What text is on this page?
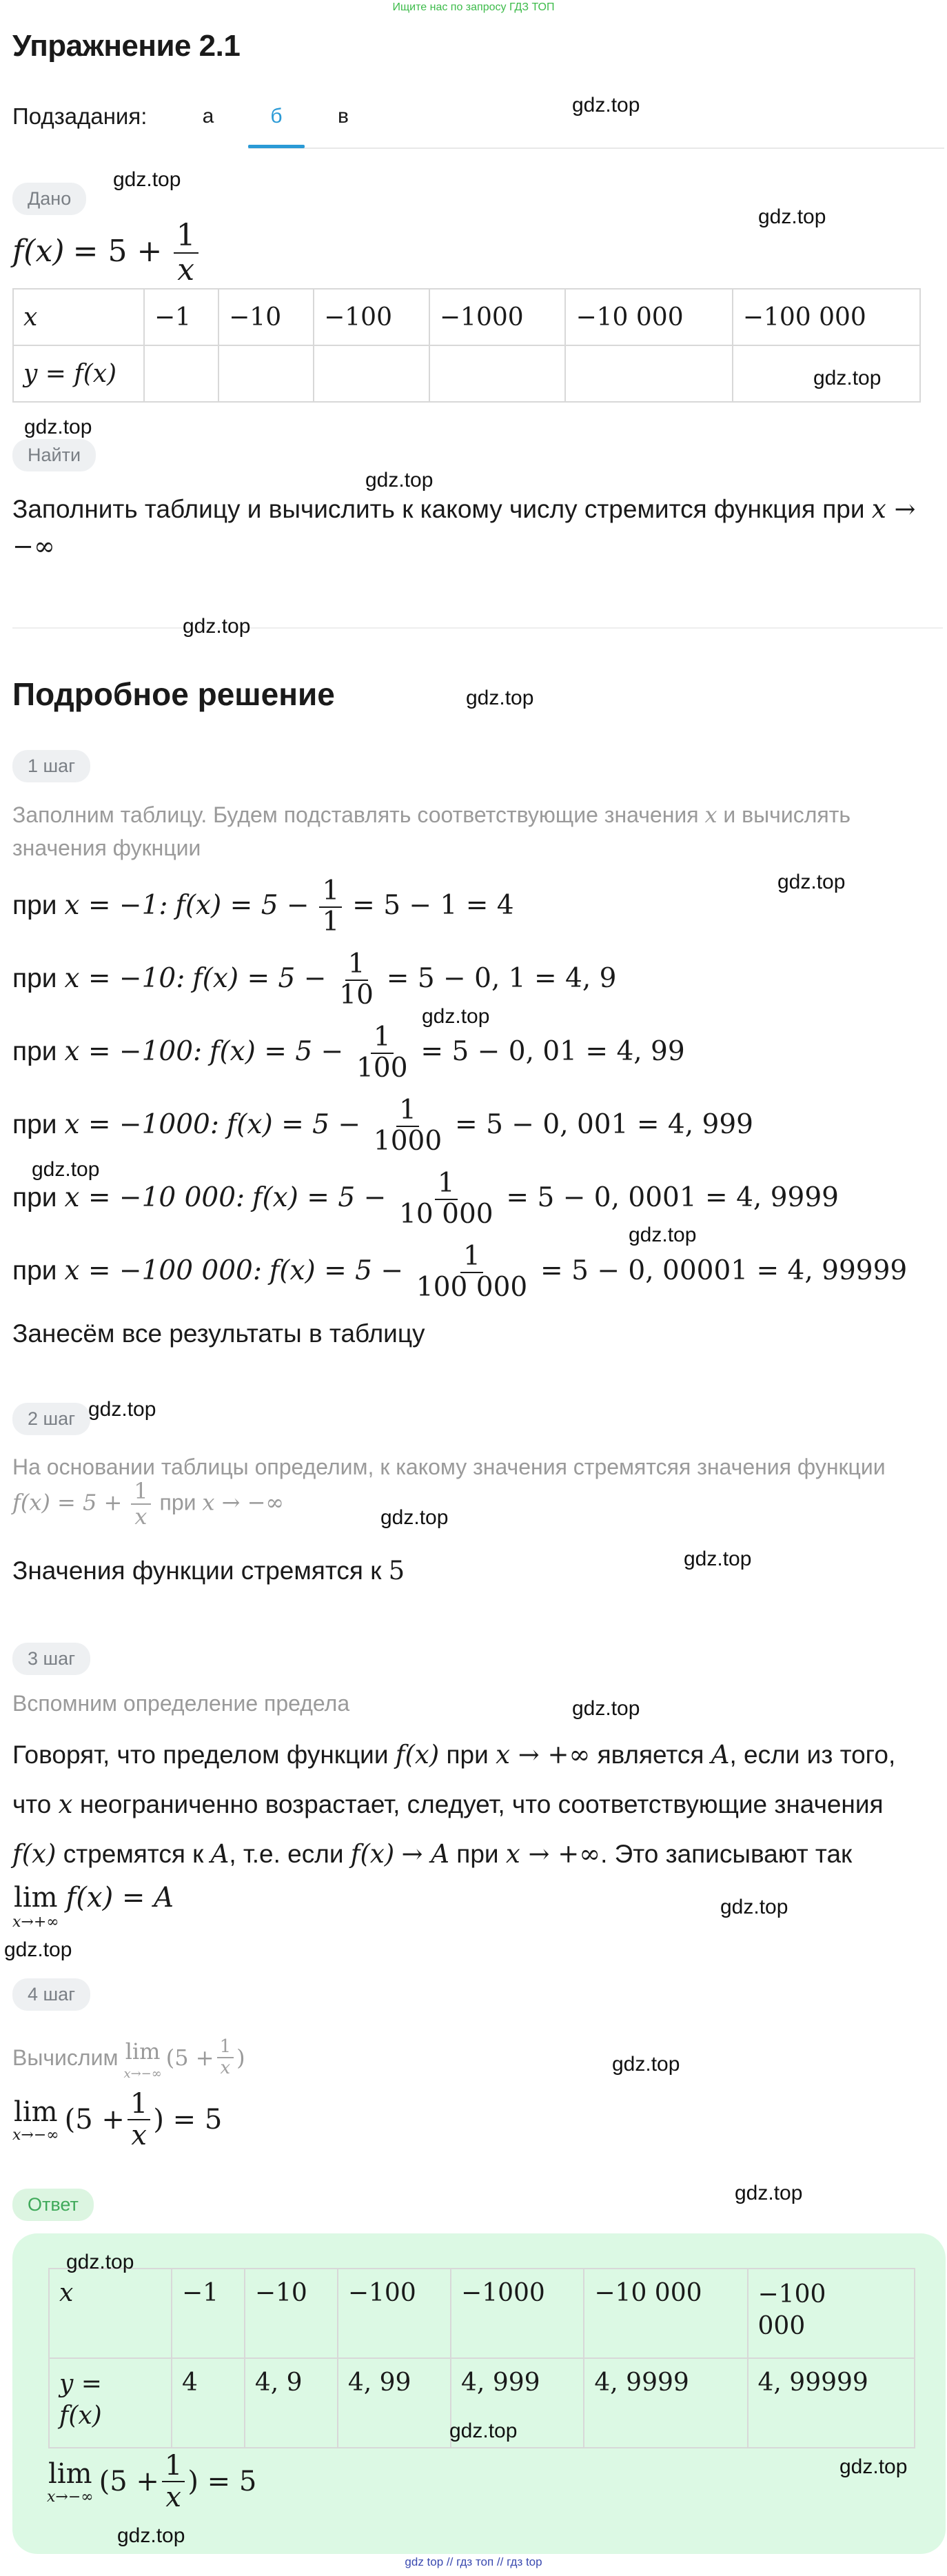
Ищите нас по запросу ГДЗ ТОП
Упражнение 2.1
Подзадания:	а	б	в
Дано
$f(x) = 5 + \frac{1}{x}$
x	−1	−10	−100	−1000	−10 000	−100 000
y = f(x)						
Найти
Заполнить таблицу и вычислить к какому числу стремится функция при x →
−∞
Подробное решение
1 шаг
Заполним таблицу. Будем подставлять соответствующие значения x и вычислять
значения фукнции
при x = −1: $f(x) = 5 - \frac{1}{1} = 5 - 1 = 4$
при x = −10: $f(x) = 5 - \frac{1}{10} = 5 - 0$, 1 = 4, 9
при x = −100: $f(x) = 5 - \frac{1}{100} = 5 - 0$, 01 = 4, 99
при x = −1000: $f(x) = 5 - \frac{1}{1000} = 5 - 0$, 001 = 4, 999
при x = −10 000: $f(x) = 5 - \frac{1}{10 000} = 5 - 0$, 0001 = 4, 9999
при x = −100 000: $f(x) = 5 - \frac{1}{100 000} = 5 - 0$, 00001 = 4, 99999
Занесём все результаты в таблицу
2 шаг
На основании таблицы определим, к какому значения стремятсяя значения функции
$f(x) = 5 + \frac{1}{x}$ при x → −∞
Значения функции стремятся к 5
3 шаг
Вспомним определение предела
Говорят, что пределом функции f(x) при x → +∞ является A, если из того,
что x неограниченно возрастает, следует, что соответствующие значения
f(x) стремятся к A, т.е. если f(x) → A при x → +∞. Это записывают так
lim
x→+∞
f(x) = A
4 шаг
Вычислим lim
x→−∞
($5 + \frac{1}{x}$ )
lim
x→−∞ ($5 + \frac{1}{x}$ ) = 5
Ответ
x	−1	−10	−100	−1000	−10 000	−100
000
y =
f(x)	4	4, 9	4, 99	4, 999	4, 9999	4, 99999
lim
x→−∞ ($5 + \frac{1}{x}$ ) = 5
gdz.top
gdz.top
gdz.top
gdz.top
gdz.top
gdz.top
gdz.top
gdz.top
gdz.top
gdz.top
gdz.top
gdz.top
gdz.top
gdz.top
gdz.top
gdz.top
gdz.top
gdz.top
gdz.top
gdz.top
gdz.top
gdz.top
gdz.top
gdz.top
gdz top // гдз топ // гдз top
